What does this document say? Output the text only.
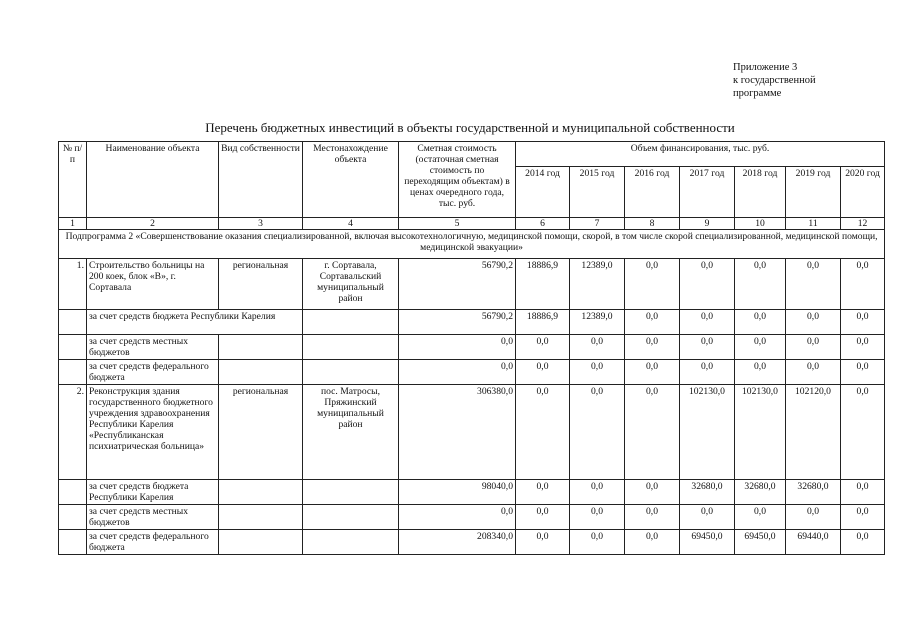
Приложение 3
к государственной
программе
Перечень бюджетных инвестиций в объекты государственной и муниципальной собственности
№ п/п	Наименование объекта	Вид собственности	Местонахождение объекта	Сметная стоимость (остаточная сметная стоимость по переходящим объектам) в ценах очередного года, тыс. руб.	Объем финансирования, тыс. руб.						
					2014 год	2015 год	2016 год	2017 год	2018 год	2019 год	2020 год
1	2	3	4	5	6	7	8	9	10	11	12
Подпрограмма 2 «Совершенствование оказания специализированной, включая высокотехнологичную, медицинской помощи, скорой, в том числе скорой специализированной, медицинской помощи, медицинской эвакуации»											
1.	Строительство больницы на 200 коек, блок «В», г. Сортавала	региональная	г. Сортавала, Сортавальский муниципальный район	56790,2	18886,9	12389,0	0,0	0,0	0,0	0,0	0,0
	за счет средств бюджета Республики Карелия			56790,2	18886,9	12389,0	0,0	0,0	0,0	0,0	0,0
	за счет средств местных бюджетов			0,0	0,0	0,0	0,0	0,0	0,0	0,0	0,0
	за счет средств федерального бюджета			0,0	0,0	0,0	0,0	0,0	0,0	0,0	0,0
2.	Реконструкция здания государственного бюджетного учреждения здравоохранения Республики Карелия «Республиканская психиатрическая больница»	региональная	пос. Матросы, Пряжинский муниципальный район	306380,0	0,0	0,0	0,0	102130,0	102130,0	102120,0	0,0
	за счет средств бюджета Республики Карелия			98040,0	0,0	0,0	0,0	32680,0	32680,0	32680,0	0,0
	за счет средств местных бюджетов			0,0	0,0	0,0	0,0	0,0	0,0	0,0	0,0
	за счет средств федерального бюджета			208340,0	0,0	0,0	0,0	69450,0	69450,0	69440,0	0,0
